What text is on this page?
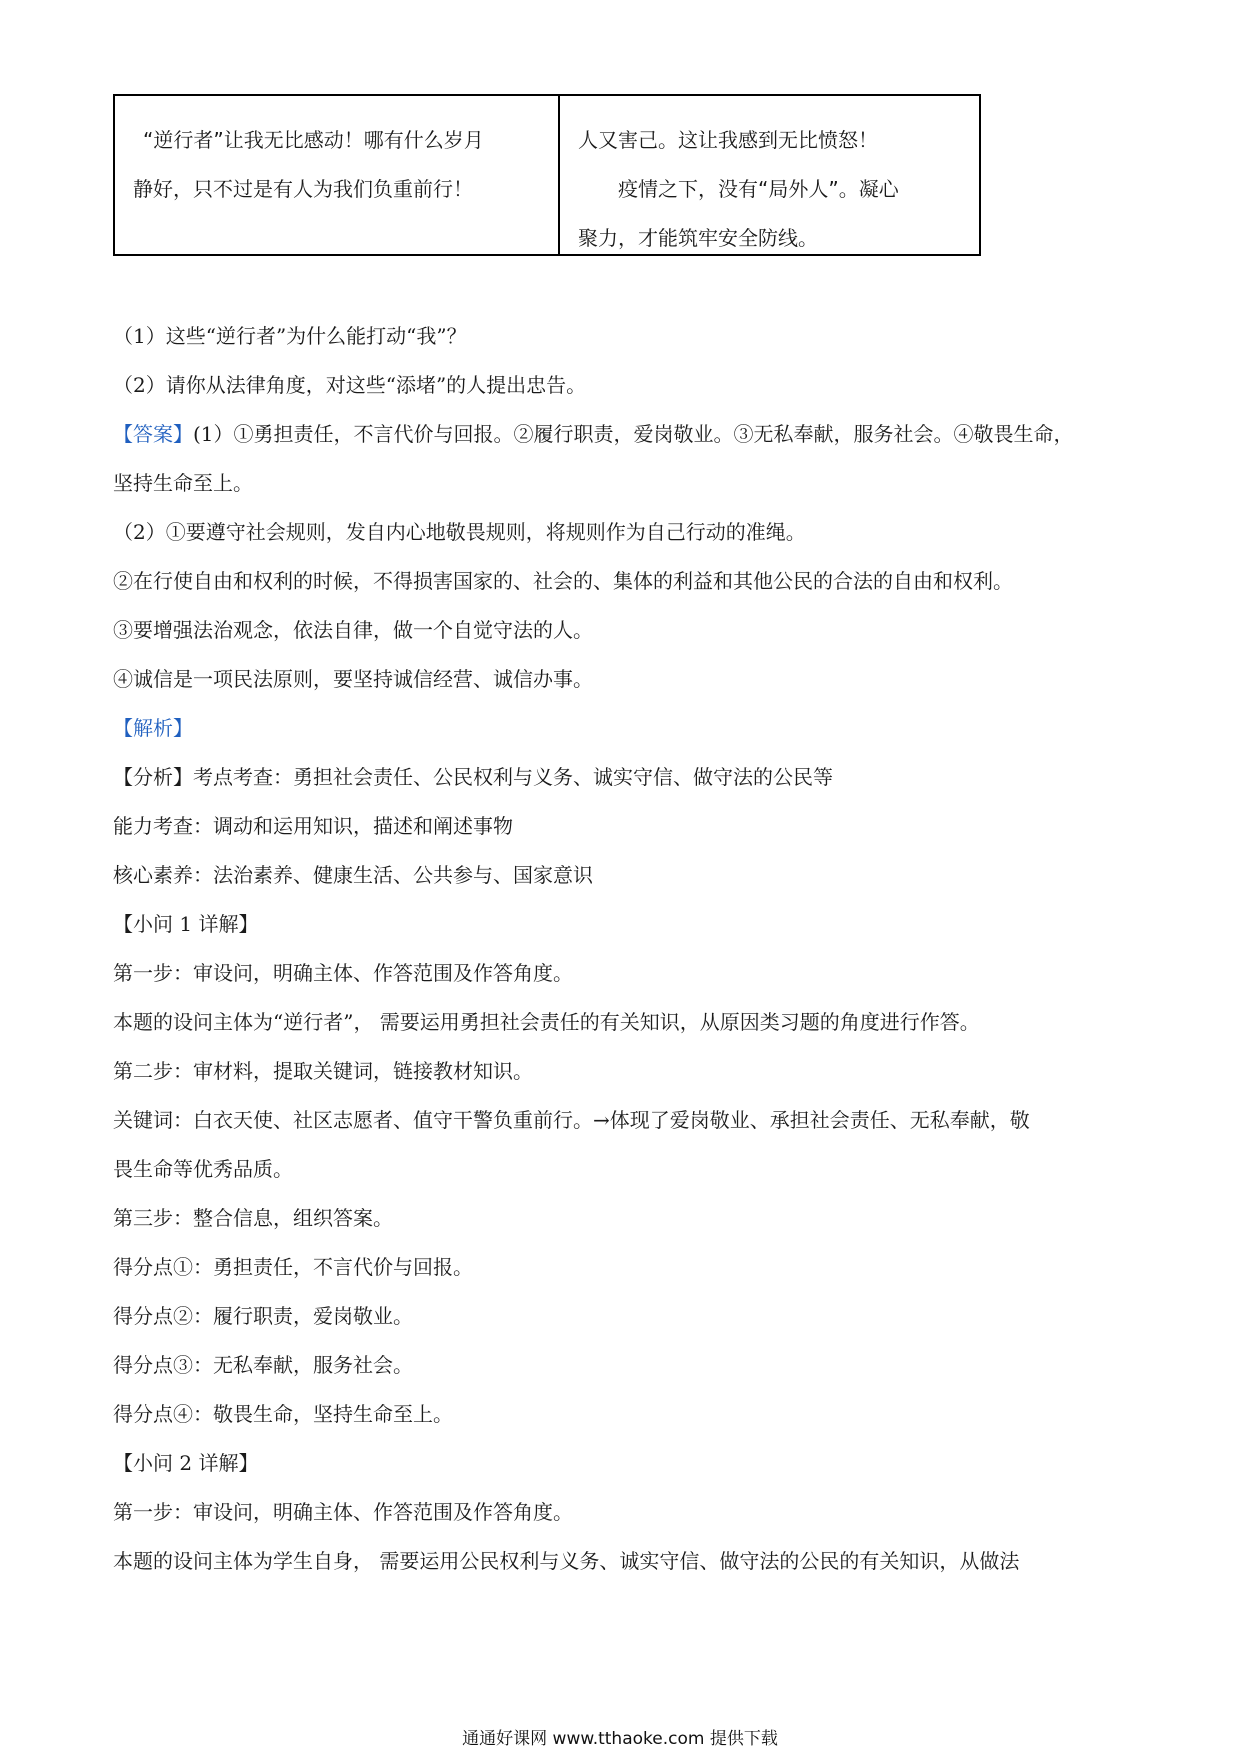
“逆行者”让我无比感动！哪有什么岁月

静好，只不过是有人为我们负重前行！

人又害己。这让我感到无比愤怒！

疫情之下，没有“局外人”。凝心

聚力，才能筑牢安全防线。

（1）这些“逆行者”为什么能打动“我”？
（2）请你从法律角度，对这些“添堵”的人提出忠告。
【答案】(1）①勇担责任，不言代价与回报。②履行职责，爱岗敬业。③无私奉献，服务社会。④敬畏生命，
坚持生命至上。
（2）①要遵守社会规则，发自内心地敬畏规则，将规则作为自己行动的准绳。
②在行使自由和权利的时候，不得损害国家的、社会的、集体的利益和其他公民的合法的自由和权利。
③要增强法治观念，依法自律，做一个自觉守法的人。
④诚信是一项民法原则，要坚持诚信经营、诚信办事。
【解析】
【分析】考点考查：勇担社会责任、公民权利与义务、诚实守信、做守法的公民等
能力考查：调动和运用知识，描述和阐述事物
核心素养：法治素养、健康生活、公共参与、国家意识
【小问 1 详解】
第一步：审设问，明确主体、作答范围及作答角度。
本题的设问主体为“逆行者”， 需要运用勇担社会责任的有关知识，从原因类习题的角度进行作答。
第二步：审材料，提取关键词，链接教材知识。
关键词：白衣天使、社区志愿者、值守干警负重前行。→体现了爱岗敬业、承担社会责任、无私奉献，敬
畏生命等优秀品质。
第三步：整合信息，组织答案。
得分点①：勇担责任，不言代价与回报。
得分点②：履行职责，爱岗敬业。
得分点③：无私奉献，服务社会。
得分点④：敬畏生命，坚持生命至上。
【小问 2 详解】
第一步：审设问，明确主体、作答范围及作答角度。
本题的设问主体为学生自身， 需要运用公民权利与义务、诚实守信、做守法的公民的有关知识，从做法
通通好课网 www.tthaoke.com 提供下载
